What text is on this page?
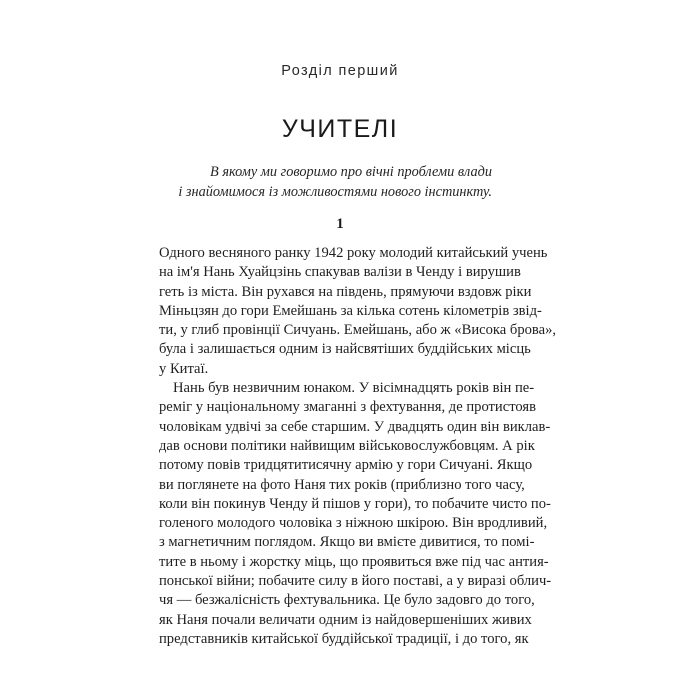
Розділ перший
УЧИТЕЛІ
В якому ми говоримо про вічні проблеми влади
і знайомимося із можливостями нового інстинкту.
1
Одного весняного ранку 1942 року молодий китайський учень
на ім'я Нань Хуайцзінь спакував валізи в Ченду і вирушив
геть із міста. Він рухався на південь, прямуючи вздовж ріки
Міньцзян до гори Емейшань за кілька сотень кілометрів звід-
ти, у глиб провінції Сичуань. Емейшань, або ж «Висока брова»,
була і залишається одним із найсвятіших буддійських місць
у Китаї.
Нань був незвичним юнаком. У вісімнадцять років він пе-
реміг у національному змаганні з фехтування, де протистояв
чоловікам удвічі за себе старшим. У двадцять один він виклав-
дав основи політики найвищим військовослужбовцям. А рік
потому повів тридцятитисячну армію у гори Сичуані. Якщо
ви поглянете на фото Наня тих років (приблизно того часу,
коли він покинув Ченду й пішов у гори), то побачите чисто по-
голеного молодого чоловіка з ніжною шкірою. Він вродливий,
з магнетичним поглядом. Якщо ви вмієте дивитися, то помі-
тите в ньому і жорстку міць, що проявиться вже під час антия-
понської війни; побачите силу в його поставі, а у виразі облич-
чя — безжалісність фехтувальника. Це було задовго до того,
як Наня почали величати одним із найдовершеніших живих
представників китайської буддійської традиції, і до того, як
